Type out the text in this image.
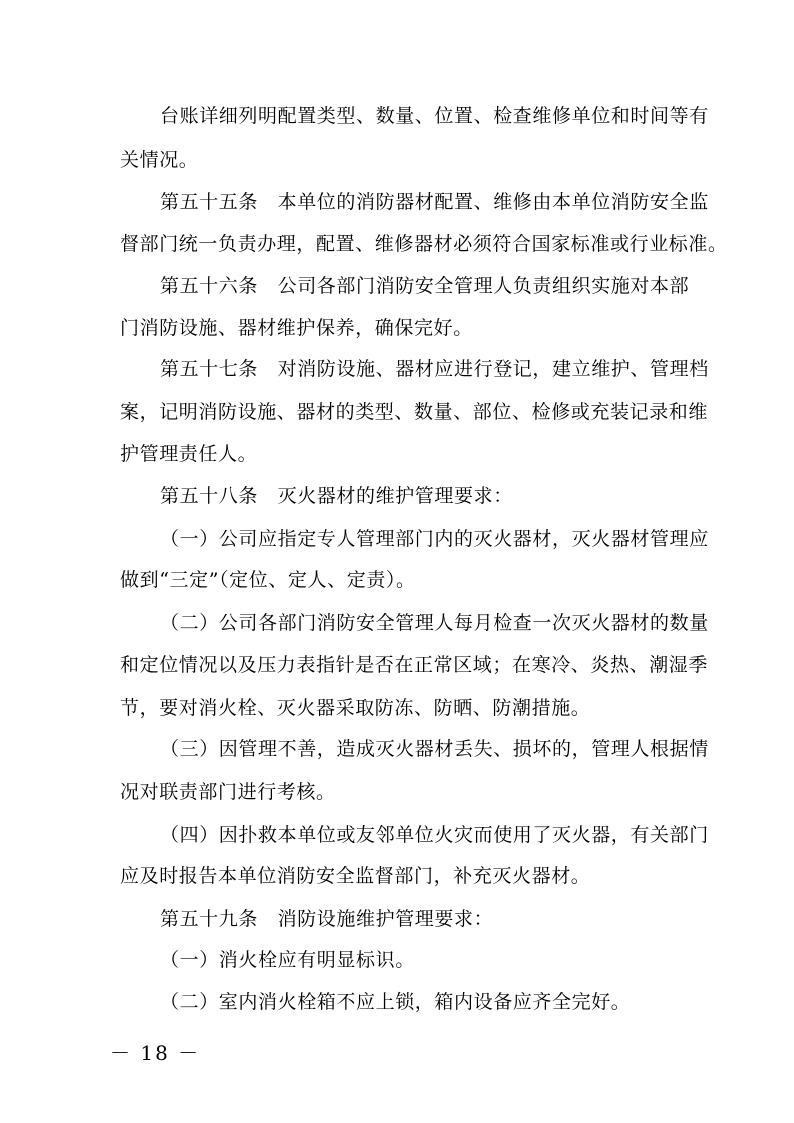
台账详细列明配置类型、数量、位置、检查维修单位和时间等有
关情况。
第五十五条　本单位的消防器材配置、维修由本单位消防安全监
督部门统一负责办理，配置、维修器材必须符合国家标准或行业标准。
第五十六条　公司各部门消防安全管理人负责组织实施对本部
门消防设施、器材维护保养，确保完好。
第五十七条　对消防设施、器材应进行登记，建立维护、管理档
案，记明消防设施、器材的类型、数量、部位、检修或充装记录和维
护管理责任人。
第五十八条　灭火器材的维护管理要求：
（一）公司应指定专人管理部门内的灭火器材，灭火器材管理应
做到“三定”（定位、定人、定责）。
（二）公司各部门消防安全管理人每月检查一次灭火器材的数量
和定位情况以及压力表指针是否在正常区域；在寒冷、炎热、潮湿季
节，要对消火栓、灭火器采取防冻、防晒、防潮措施。
（三）因管理不善，造成灭火器材丢失、损坏的，管理人根据情
况对联责部门进行考核。
（四）因扑救本单位或友邻单位火灾而使用了灭火器，有关部门
应及时报告本单位消防安全监督部门，补充灭火器材。
第五十九条　消防设施维护管理要求：
（一）消火栓应有明显标识。
（二）室内消火栓箱不应上锁，箱内设备应齐全完好。
－ 18 －
